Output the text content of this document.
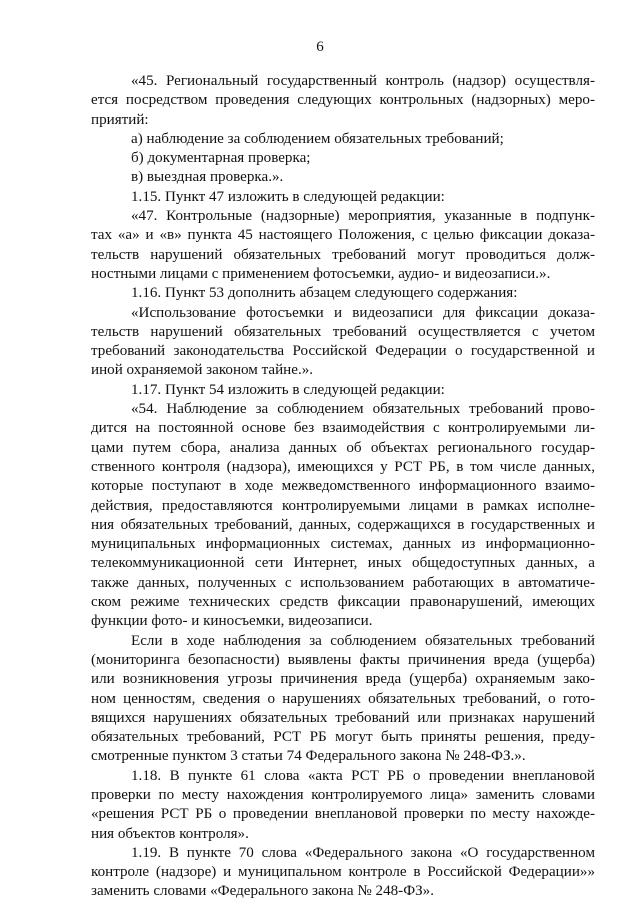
6

«45. Региональный государственный контроль (надзор) осуществля-

ется посредством проведения следующих контрольных (надзорных) меро-

приятий:

а) наблюдение за соблюдением обязательных требований;

б) документарная проверка;

в) выездная проверка.».

1.15. Пункт 47 изложить в следующей редакции:

«47. Контрольные (надзорные) мероприятия, указанные в подпунк-

тах «а» и «в» пункта 45 настоящего Положения, с целью фиксации доказа-

тельств нарушений обязательных требований могут проводиться долж-

ностными лицами с применением фотосъемки, аудио- и видеозаписи.».

1.16. Пункт 53 дополнить абзацем следующего содержания:

«Использование фотосъемки и видеозаписи для фиксации доказа-

тельств нарушений обязательных требований осуществляется с учетом

требований законодательства Российской Федерации о государственной и

иной охраняемой законом тайне.».

1.17. Пункт 54 изложить в следующей редакции:

«54. Наблюдение за соблюдением обязательных требований прово-

дится на постоянной основе без взаимодействия с контролируемыми ли-

цами путем сбора, анализа данных об объектах регионального государ-

ственного контроля (надзора), имеющихся у РСТ РБ, в том числе данных,

которые поступают в ходе межведомственного информационного взаимо-

действия, предоставляются контролируемыми лицами в рамках исполне-

ния обязательных требований, данных, содержащихся в государственных и

муниципальных информационных системах, данных из информационно-

телекоммуникационной сети Интернет, иных общедоступных данных, а

также данных, полученных с использованием работающих в автоматиче-

ском режиме технических средств фиксации правонарушений, имеющих

функции фото- и киносъемки, видеозаписи.

Если в ходе наблюдения за соблюдением обязательных требований

(мониторинга безопасности) выявлены факты причинения вреда (ущерба)

или возникновения угрозы причинения вреда (ущерба) охраняемым зако-

ном ценностям, сведения о нарушениях обязательных требований, о гото-

вящихся нарушениях обязательных требований или признаках нарушений

обязательных требований, РСТ РБ могут быть приняты решения, преду-

смотренные пунктом 3 статьи 74 Федерального закона № 248-ФЗ.».

1.18. В пункте 61 слова «акта РСТ РБ о проведении внеплановой

проверки по месту нахождения контролируемого лица» заменить словами

«решения РСТ РБ о проведении внеплановой проверки по месту нахожде-

ния объектов контроля».

1.19. В пункте 70 слова «Федерального закона «О государственном

контроле (надзоре) и муниципальном контроле в Российской Федерации»»

заменить словами «Федерального закона № 248-ФЗ».
